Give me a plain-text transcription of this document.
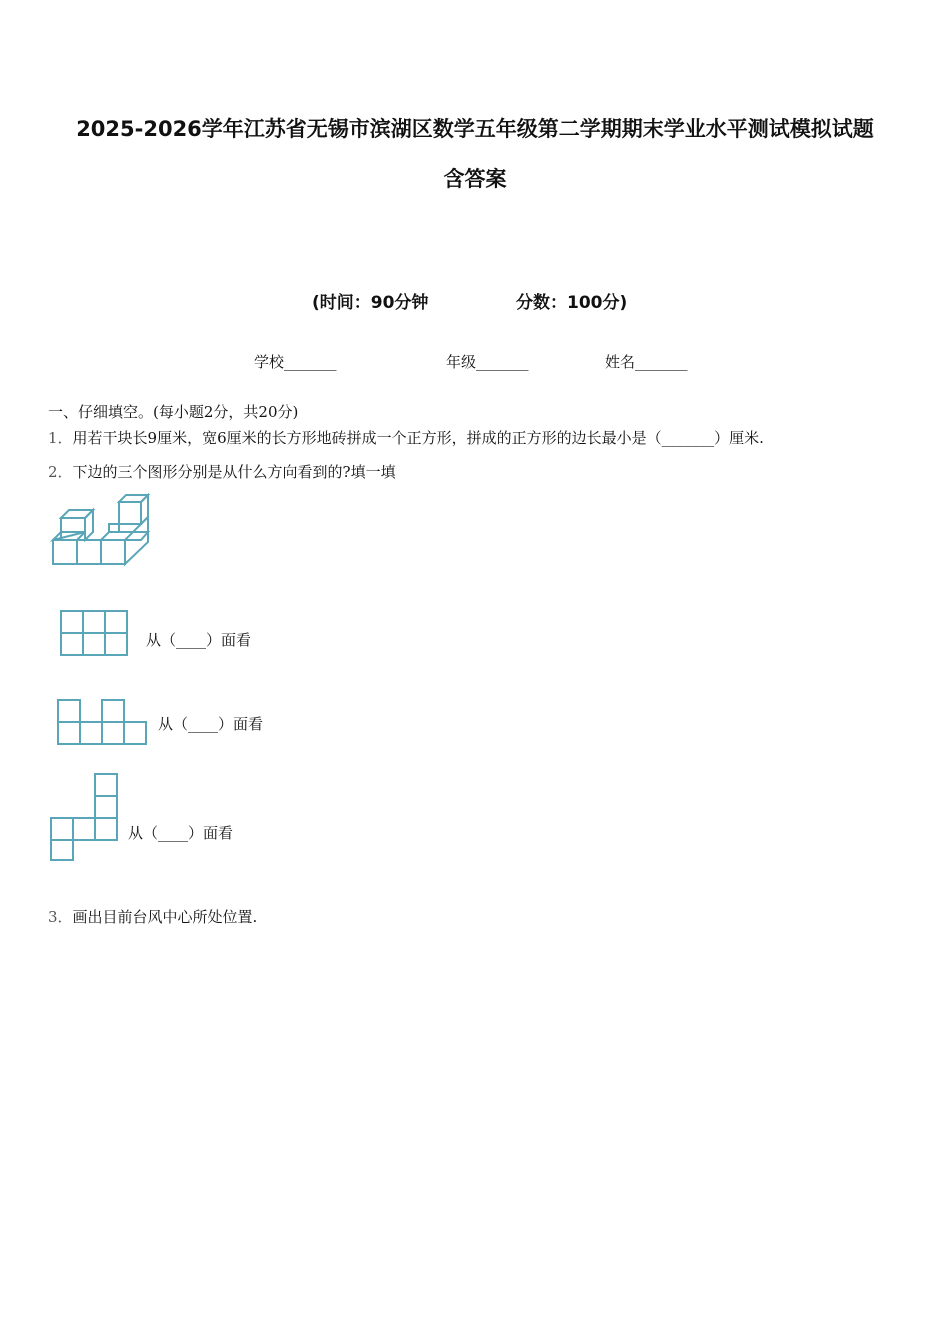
2025-2026学年江苏省无锡市滨湖区数学五年级第二学期期末学业水平测试模拟试题
含答案
(时间：90分钟	分数：100分)
学校_______	年级_______	姓名_______
一、仔细填空。(每小题2分，共20分)
1．用若干块长9厘米，宽6厘米的长方形地砖拼成一个正方形，拼成的正方形的边长最小是（_______）厘米.
2．下边的三个图形分别是从什么方向看到的?填一填
从（____）面看
从（____）面看
从（____）面看
3．画出目前台风中心所处位置.
